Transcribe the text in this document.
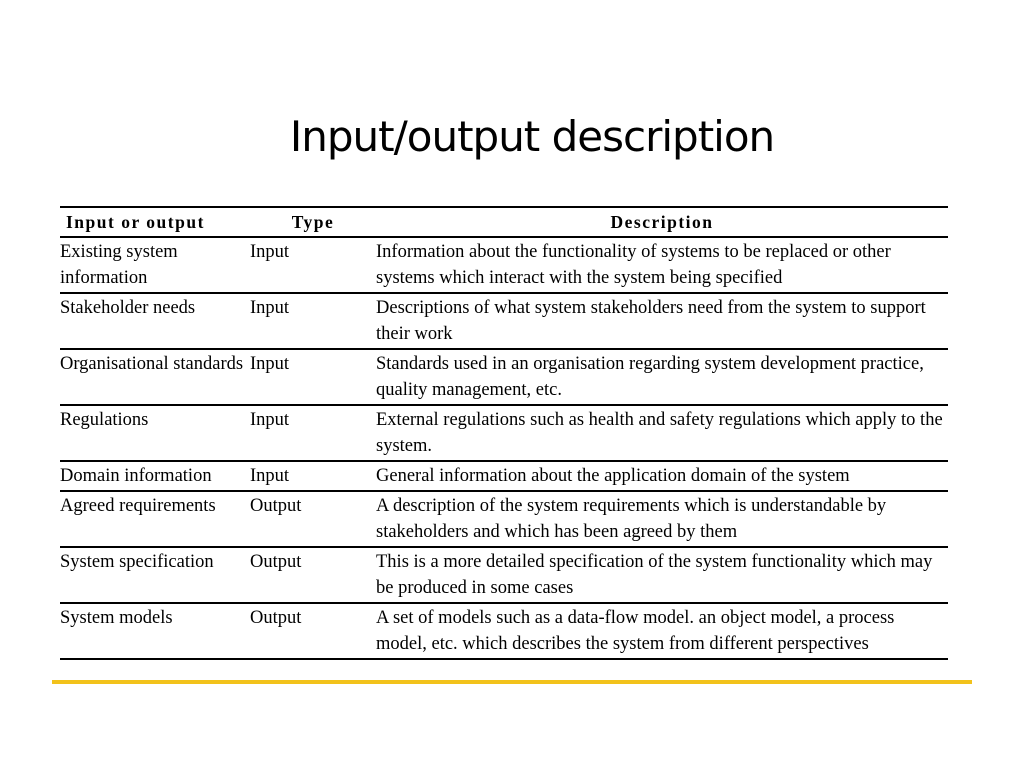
Input/output description
Input or output	Type	Description
Existing system information	Input	Information about the functionality of systems to be replaced or other systems which interact with the system being specified
Stakeholder needs	Input	Descriptions of what system stakeholders need from the system to support their work
Organisational standards	Input	Standards used in an organisation regarding system development practice, quality management, etc.
Regulations	Input	External regulations such as health and safety regulations which apply to the system.
Domain information	Input	General information about the application domain of the system
Agreed requirements	Output	A description of the system requirements which is understandable by stakeholders and which has been agreed by them
System specification	Output	This is a more detailed specification of the system functionality which may be produced in some cases
System models	Output	A set of models such as a data-flow model. an object model, a process model, etc. which describes the system from different perspectives
